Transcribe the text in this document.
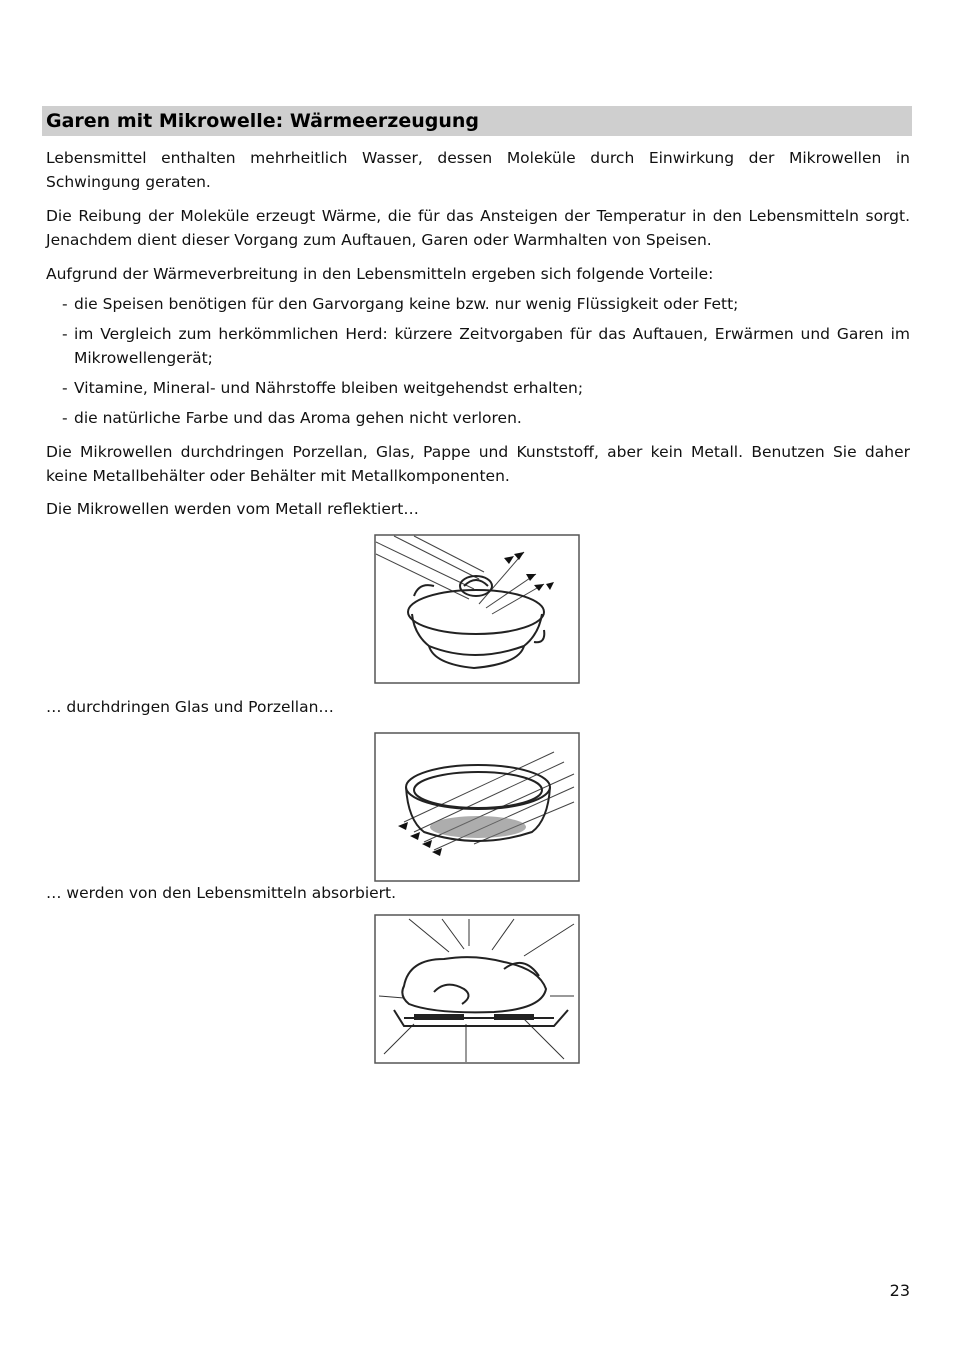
Garen mit Mikrowelle: Wärmeerzeugung

Lebensmittel enthalten mehrheitlich Wasser, dessen Moleküle durch Einwirkung der Mikrowellen in Schwingung geraten.

Die Reibung der Moleküle erzeugt Wärme, die für das Ansteigen der Temperatur in den Lebensmitteln sorgt. Jenachdem dient dieser Vorgang zum Auftauen, Garen oder Warmhalten von Speisen.

Aufgrund der Wärmeverbreitung in den Lebensmitteln ergeben sich folgende Vorteile:

- die Speisen benötigen für den Garvorgang keine bzw. nur wenig Flüssigkeit oder Fett;
- im Vergleich zum herkömmlichen Herd: kürzere Zeitvorgaben für das Auftauen, Erwärmen und Garen im Mikrowellengerät;
- Vitamine, Mineral- und Nährstoffe bleiben weitgehendst erhalten;
- die natürliche Farbe und das Aroma gehen nicht verloren.

Die Mikrowellen durchdringen Porzellan, Glas, Pappe und Kunststoff, aber kein Metall. Benutzen Sie daher keine Metallbehälter oder Behälter mit Metallkomponenten.

Die Mikrowellen werden vom Metall reflektiert…

… durchdringen Glas und Porzellan…

… werden von den Lebensmitteln absorbiert.

23
